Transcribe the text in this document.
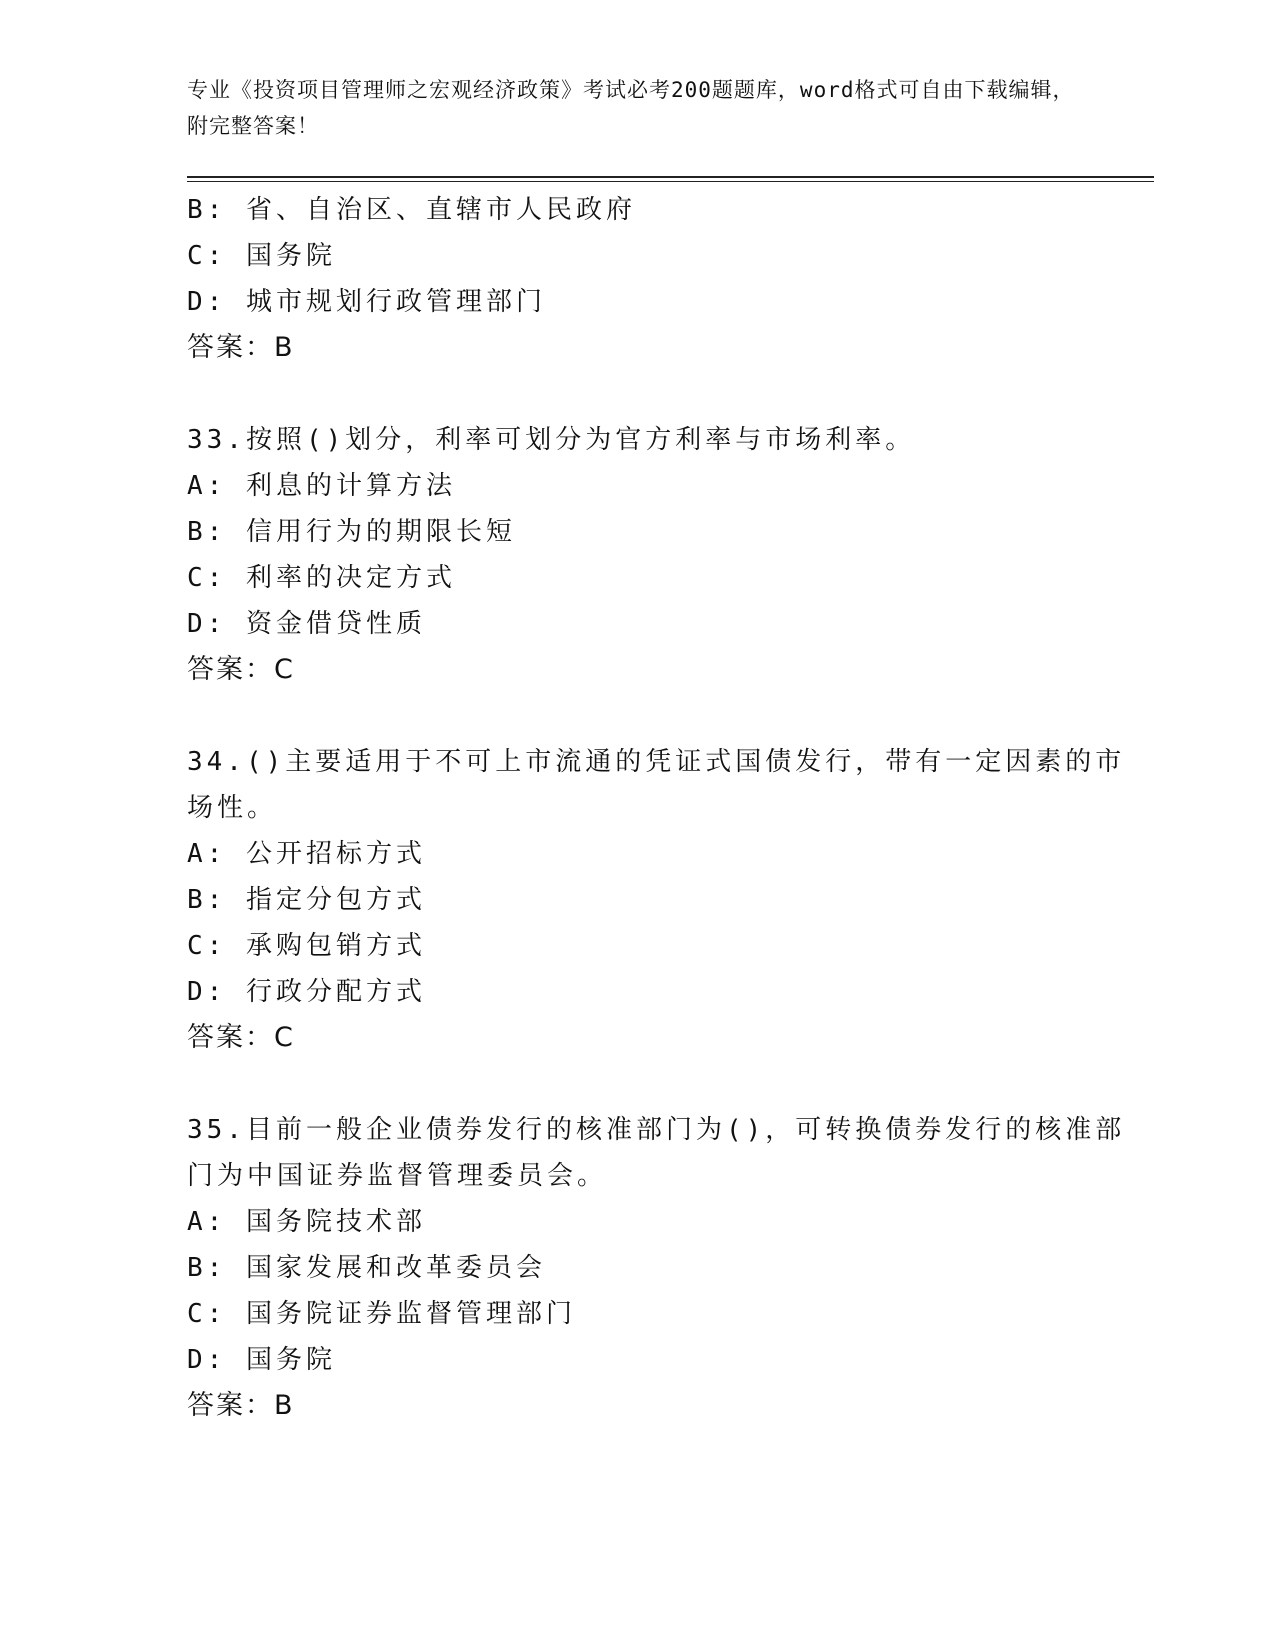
专业《投资项目管理师之宏观经济政策》考试必考200题题库，word格式可自由下载编辑，附完整答案！
B: 省、自治区、直辖市人民政府
C: 国务院
D: 城市规划行政管理部门
答案：B
33.按照()划分，利率可划分为官方利率与市场利率。
A: 利息的计算方法
B: 信用行为的期限长短
C: 利率的决定方式
D: 资金借贷性质
答案：C
34.()主要适用于不可上市流通的凭证式国债发行，带有一定因素的市
场性。
A: 公开招标方式
B: 指定分包方式
C: 承购包销方式
D: 行政分配方式
答案：C
35.目前一般企业债券发行的核准部门为()，可转换债券发行的核准部
门为中国证券监督管理委员会。
A: 国务院技术部
B: 国家发展和改革委员会
C: 国务院证券监督管理部门
D: 国务院
答案：B
